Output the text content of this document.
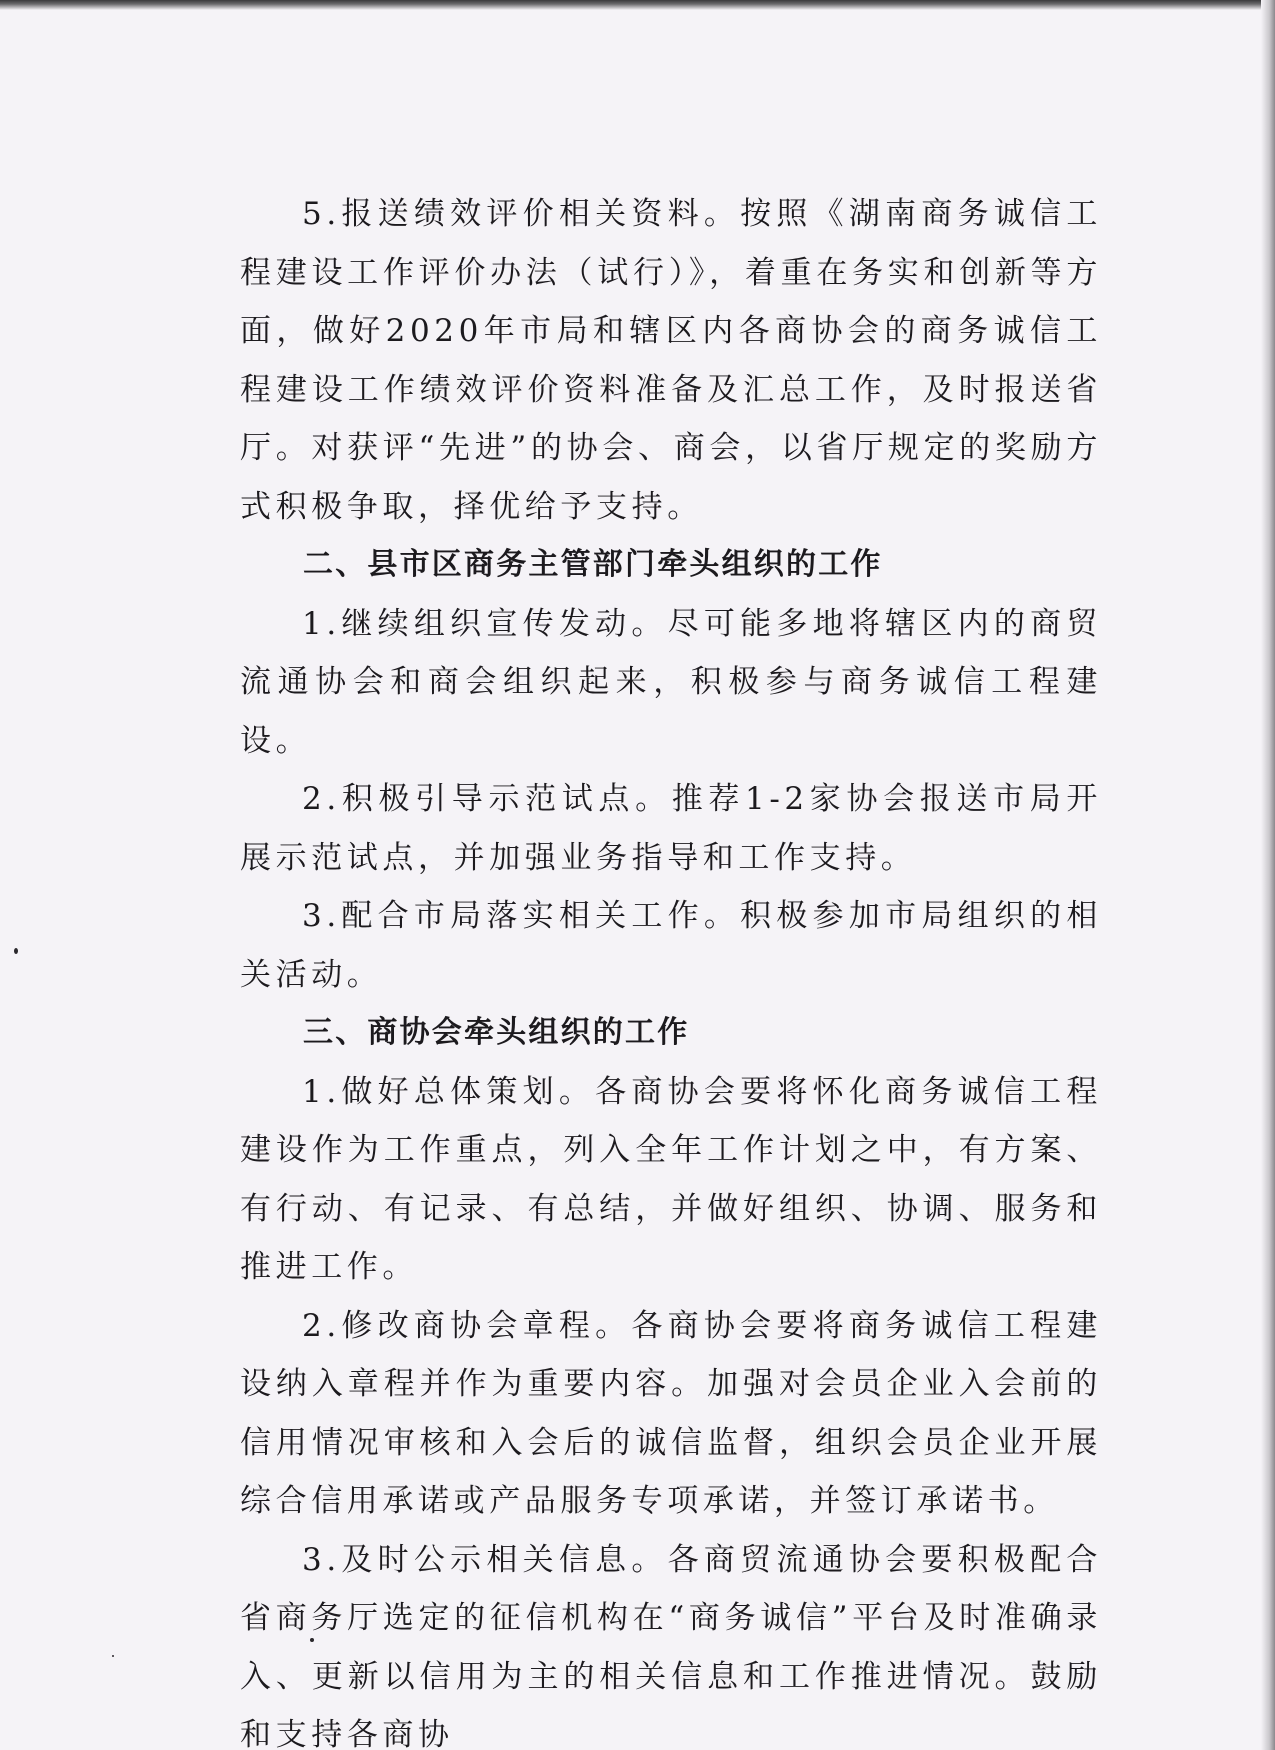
5.报送绩效评价相关资料。按照《湖南商务诚信工程建设工作评价办法（试行）》，着重在务实和创新等方面，做好2020年市局和辖区内各商协会的商务诚信工程建设工作绩效评价资料准备及汇总工作，及时报送省厅。对获评“先进”的协会、商会，以省厅规定的奖励方式积极争取，择优给予支持。

二、县市区商务主管部门牵头组织的工作

1.继续组织宣传发动。尽可能多地将辖区内的商贸流通协会和商会组织起来，积极参与商务诚信工程建设。

2.积极引导示范试点。推荐1-2家协会报送市局开展示范试点，并加强业务指导和工作支持。

3.配合市局落实相关工作。积极参加市局组织的相关活动。

三、商协会牵头组织的工作

1.做好总体策划。各商协会要将怀化商务诚信工程建设作为工作重点，列入全年工作计划之中，有方案、有行动、有记录、有总结，并做好组织、协调、服务和推进工作。

2.修改商协会章程。各商协会要将商务诚信工程建设纳入章程并作为重要内容。加强对会员企业入会前的信用情况审核和入会后的诚信监督，组织会员企业开展综合信用承诺或产品服务专项承诺，并签订承诺书。

3.及时公示相关信息。各商贸流通协会要积极配合省商务厅选定的征信机构在“商务诚信”平台及时准确录入、更新以信用为主的相关信息和工作推进情况。鼓励和支持各商协
